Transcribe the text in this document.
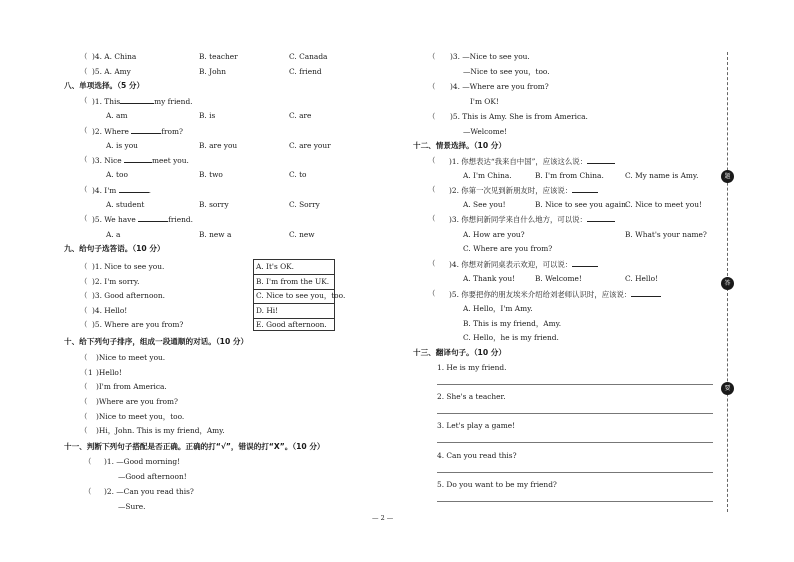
（ )4. A. China	B. teacher	C. Canada
（ )5. A. Amy	B. John	C. friend
八、单项选择。（5 分）
（ )1. This	my friend.
A. am	B. is	C. are
（ )2. Where	from?
A. is you	B. are you	C. are your
（ )3. Nice	meet you.
A. too	B. two	C. to
（ )4. I'm	.
A. student	B. sorry	C. Sorry
（ )5. We have	friend.
A. a	B. new a	C. new
九、给句子选答语。（10 分）
（ )1. Nice to see you.
（ )2. I'm sorry.
（ )3. Good afternoon.
（ )4. Hello!
（ )5. Where are you from?
A. It's OK.
B. I'm from the UK.
C. Nice to see you，too.
D. Hi!
E. Good afternoon.
十、给下列句子排序，组成一段通顺的对话。（10 分）
（ )Nice to meet you.
（ 1 )Hello!
（ )I'm from America.
（ )Where are you from?
（ )Nice to meet you，too.
（ )Hi，John. This is my friend，Amy.
十一、判断下列句子搭配是否正确。正确的打“√”，错误的打“X”。（10 分）
（ )1. —Good morning!
—Good afternoon!
（ )2. —Can you read this?
—Sure.
（ )3. —Nice to see you.
—Nice to see you，too.
（ )4. —Where are you from?
I'm OK!
（ )5. This is Amy. She is from America.
—Welcome!
十二、情景选择。（10 分）
（ )1. 你想表达“我来自中国”，应该这么说：
A. I'm China.	B. I'm from China.	C. My name is Amy.
（ )2. 你第一次见到新朋友时，应该说：
A. See you!	B. Nice to see you again.
C. Nice to meet you!
（ )3. 你想问新同学来自什么地方，可以说：
A. How are you?	B. What's your name?
C. Where are you from?
（ )4. 你想对新同桌表示欢迎，可以说：
A. Thank you!	B. Welcome!	C. Hello!
（ )5. 你要把你的朋友埃米介绍给刘老师认识时，应该说：
A. Hello，I'm Amy.
B. This is my friend，Amy.
C. Hello，he is my friend.
十三、翻译句子。（10 分）
1. He is my friend.
2. She's a teacher.
3. Let's play a game!
4. Can you read this?
5. Do you want to be my friend?
题
答
要
— 2 —
